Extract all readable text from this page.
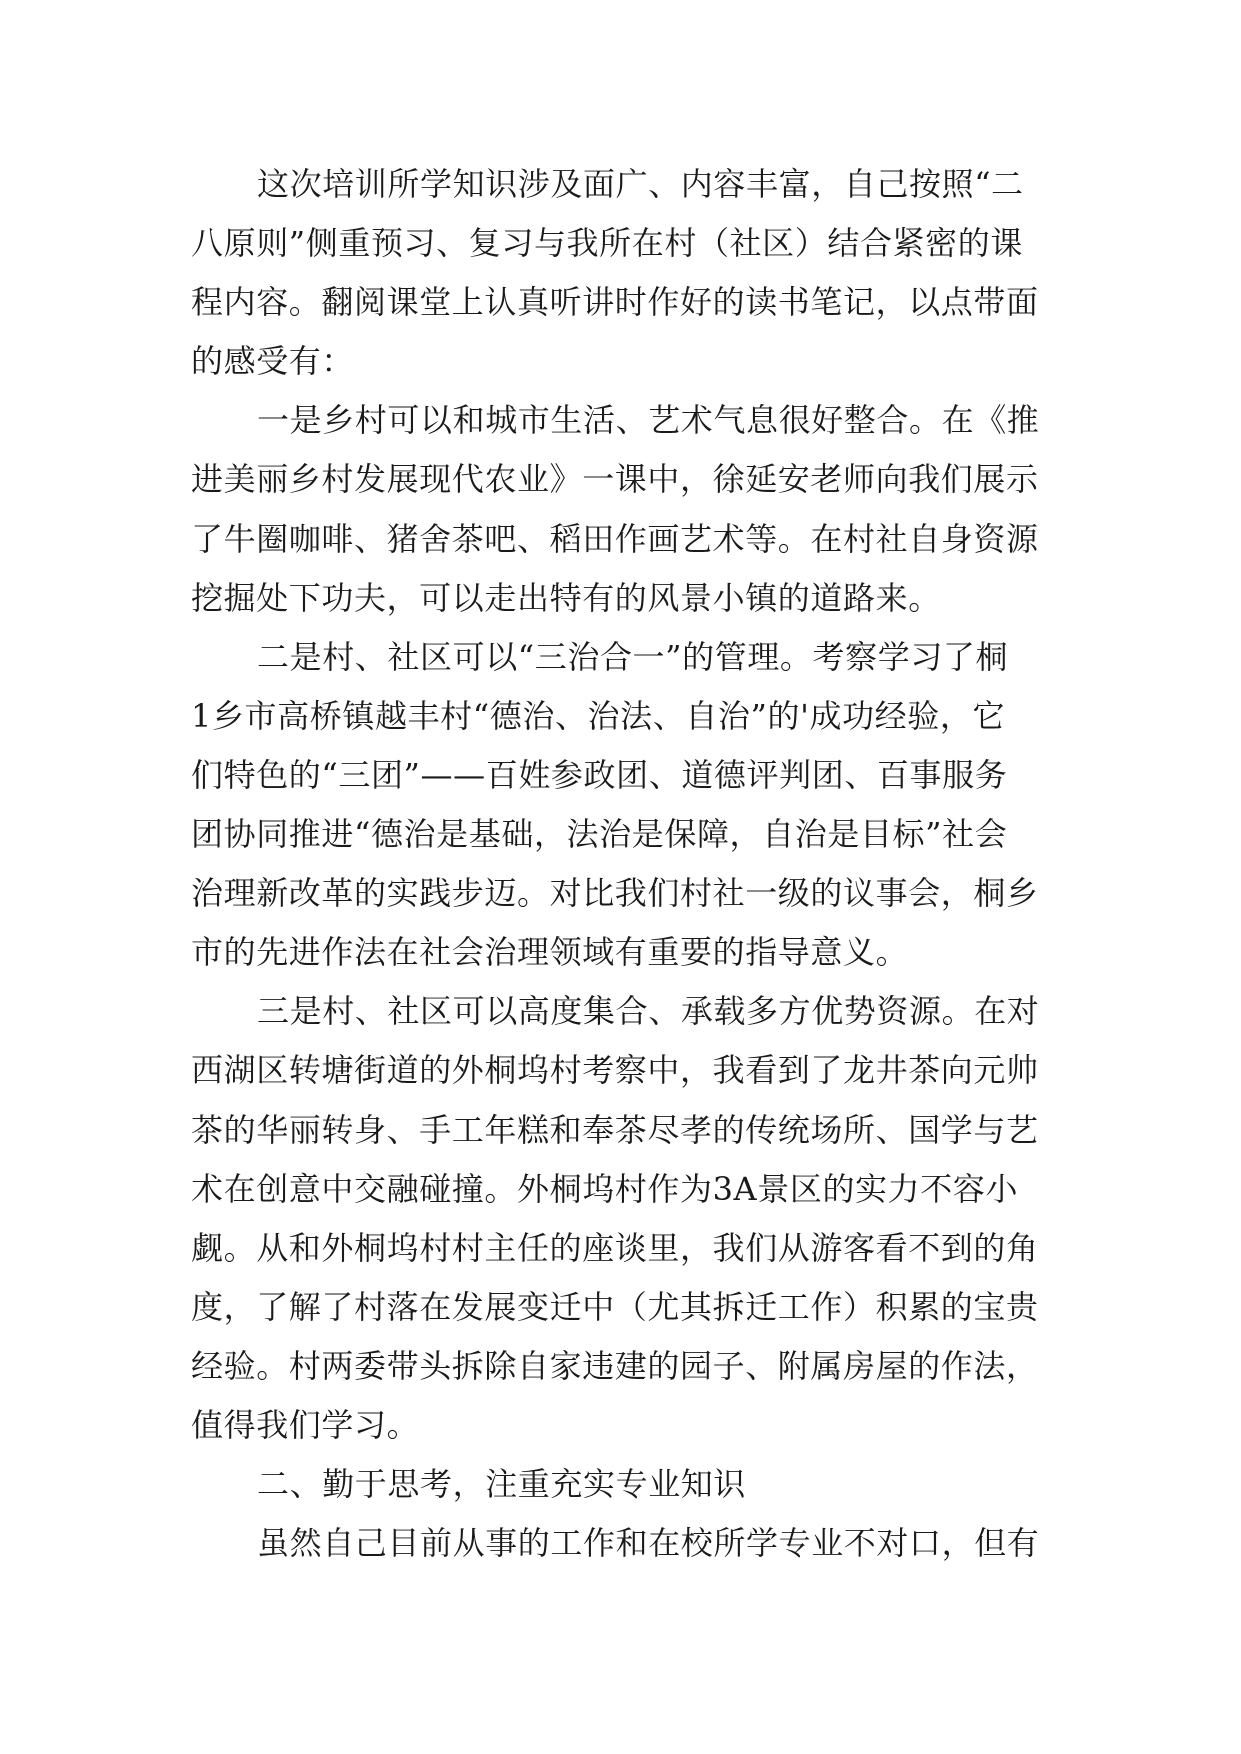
这次培训所学知识涉及面广、内容丰富，自己按照“二
八原则”侧重预习、复习与我所在村（社区）结合紧密的课
程内容。翻阅课堂上认真听讲时作好的读书笔记，以点带面
的感受有：
一是乡村可以和城市生活、艺术气息很好整合。在《推
进美丽乡村发展现代农业》一课中，徐延安老师向我们展示
了牛圈咖啡、猪舍茶吧、稻田作画艺术等。在村社自身资源
挖掘处下功夫，可以走出特有的风景小镇的道路来。
二是村、社区可以“三治合一”的管理。考察学习了桐
1乡市高桥镇越丰村“德治、治法、自治”的'成功经验，它
们特色的“三团”——百姓参政团、道德评判团、百事服务
团协同推进“德治是基础，法治是保障，自治是目标”社会
治理新改革的实践步迈。对比我们村社一级的议事会，桐乡
市的先进作法在社会治理领域有重要的指导意义。
三是村、社区可以高度集合、承载多方优势资源。在对
西湖区转塘街道的外桐坞村考察中，我看到了龙井茶向元帅
茶的华丽转身、手工年糕和奉茶尽孝的传统场所、国学与艺
术在创意中交融碰撞。外桐坞村作为3A景区的实力不容小
觑。从和外桐坞村村主任的座谈里，我们从游客看不到的角
度，了解了村落在发展变迁中（尤其拆迁工作）积累的宝贵
经验。村两委带头拆除自家违建的园子、附属房屋的作法，
值得我们学习。
二、勤于思考，注重充实专业知识
虽然自己目前从事的工作和在校所学专业不对口，但有
